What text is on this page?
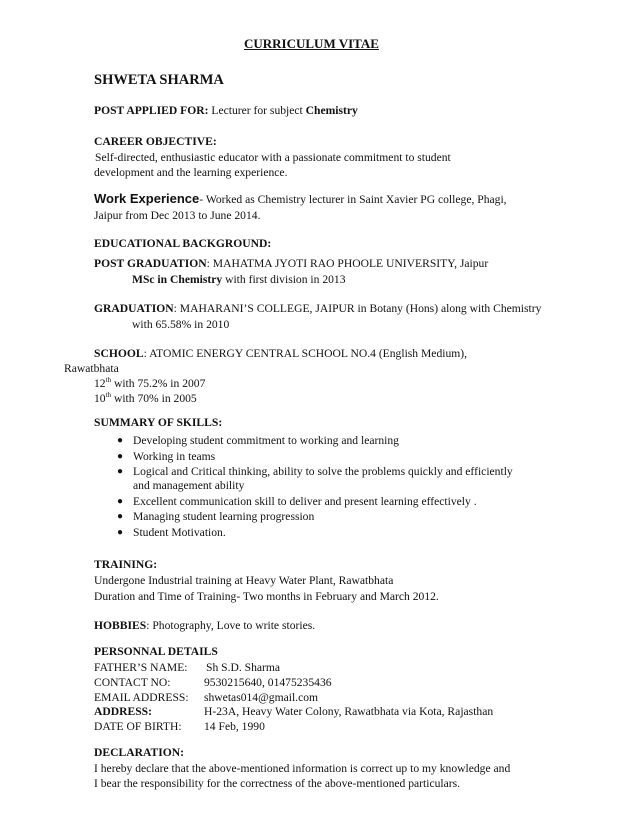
CURRICULUM VITAE
SHWETA SHARMA
POST APPLIED FOR: Lecturer for subject Chemistry
CAREER OBJECTIVE:
Self-directed, enthusiastic educator with a passionate commitment to student
development and the learning experience.
Work Experience- Worked as Chemistry lecturer in Saint Xavier PG college, Phagi,
Jaipur from Dec 2013 to June 2014.
EDUCATIONAL BACKGROUND:
POST GRADUATION: MAHATMA JYOTI RAO PHOOLE UNIVERSITY, Jaipur
MSc in Chemistry with first division in 2013
GRADUATION: MAHARANI’S COLLEGE, JAIPUR in Botany (Hons) along with Chemistry
with 65.58% in 2010
SCHOOL: ATOMIC ENERGY CENTRAL SCHOOL NO.4 (English Medium),
Rawatbhata
12th with 75.2% in 2007
10th with 70% in 2005
SUMMARY OF SKILLS:
● Developing student commitment to working and learning
● Working in teams
● Logical and Critical thinking, ability to solve the problems quickly and efficiently
and management ability
● Excellent communication skill to deliver and present learning effectively .
● Managing student learning progression
● Student Motivation.
TRAINING:
Undergone Industrial training at Heavy Water Plant, Rawatbhata
Duration and Time of Training- Two months in February and March 2012.
HOBBIES: Photography, Love to write stories.
PERSONNAL DETAILS
FATHER’S NAME: Sh S.D. Sharma
CONTACT NO:	9530215640, 01475235436
EMAIL ADDRESS: shwetas014@gmail.com
ADDRESS:	H-23A, Heavy Water Colony, Rawatbhata via Kota, Rajasthan
DATE OF BIRTH: 14 Feb, 1990
DECLARATION:
I hereby declare that the above-mentioned information is correct up to my knowledge and
I bear the responsibility for the correctness of the above-mentioned particulars.
